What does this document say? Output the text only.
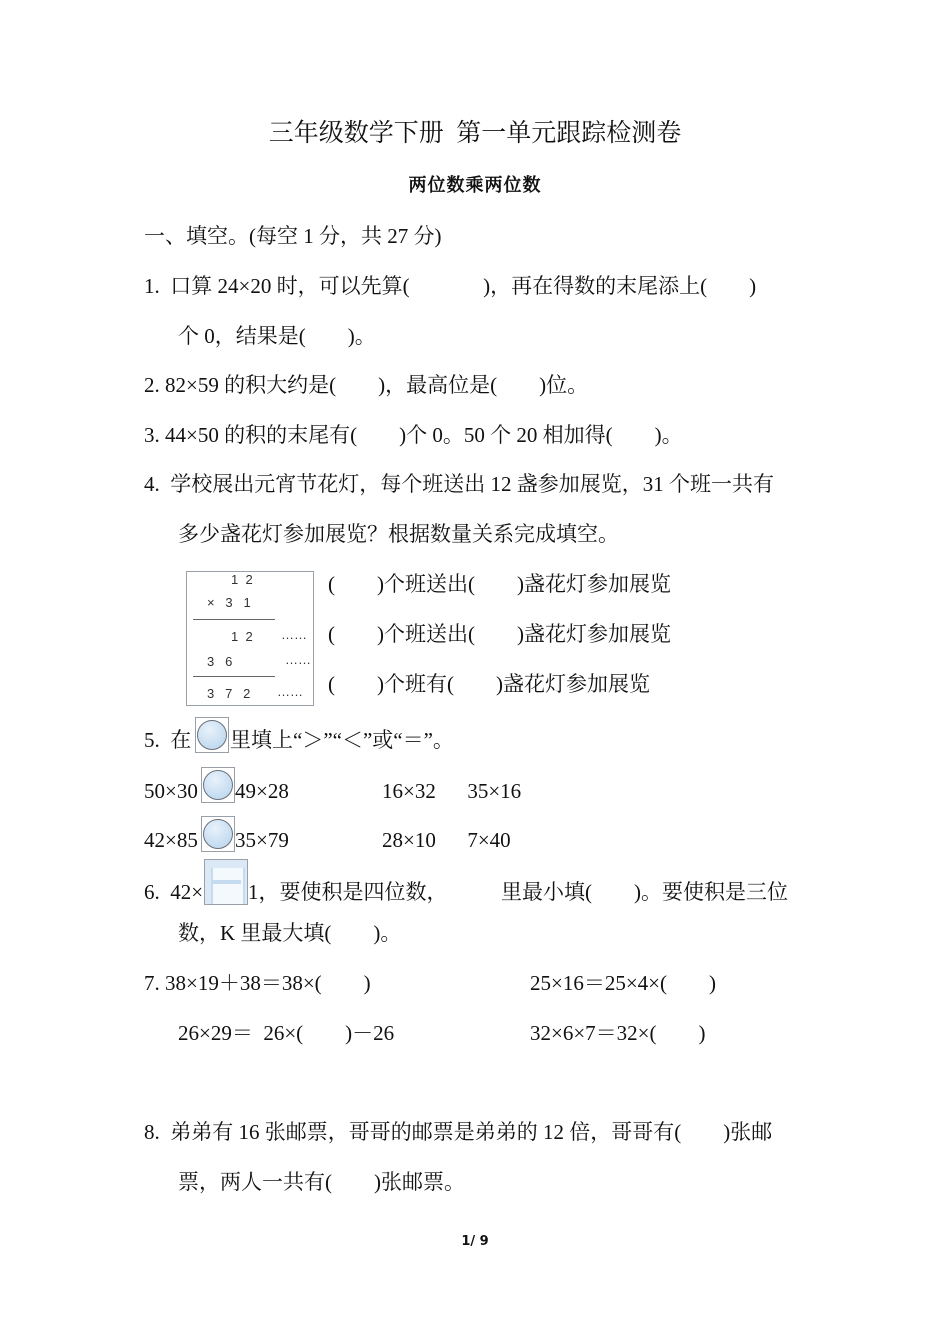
三年级数学下册  第一单元跟踪检测卷
两位数乘两位数
一、填空。(每空 1 分，共 27 分)
1.  口算 24×20 时，可以先算(              )，再在得数的末尾添上(        )
个 0，结果是(        )。
2. 82×59 的积大约是(        )，最高位是(        )位。
3. 44×50 的积的末尾有(        )个 0。50 个 20 相加得(        )。
4.  学校展出元宵节花灯，每个班送出 12 盏参加展览，31 个班一共有
多少盏花灯参加展览？根据数量关系完成填空。
1  2
×   3   1
1  2 ……
3   6	……
3   7   2 ……
(        )个班送出(        )盏花灯参加展览
(        )个班送出(        )盏花灯参加展览
(        )个班有(        )盏花灯参加展览
5.  在 里填上“＞”“＜”或“＝”。
50×30 49×28	16×32      35×16
42×85 35×79	28×10      7×40
6.  42× 1，要使积是四位数，	里最小填(        )。要使积是三位
数，K 里最大填(        )。
7. 38×19＋38＝38×(        )	25×16＝25×4×(        )
26×29＝  26×(        )－26	32×6×7＝32×(        )
8.  弟弟有 16 张邮票，哥哥的邮票是弟弟的 12 倍，哥哥有(        )张邮
票，两人一共有(        )张邮票。
1/ 9
